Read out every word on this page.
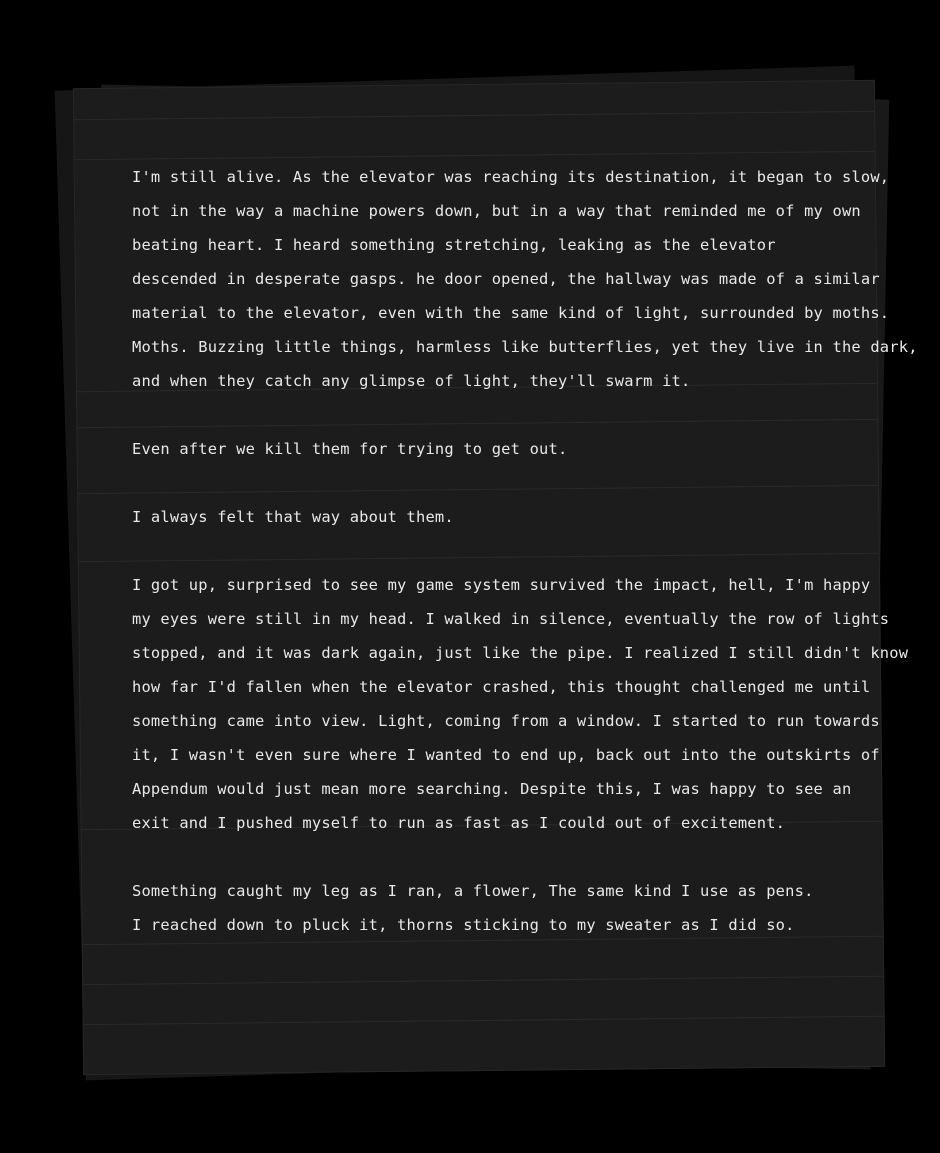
I'm still alive. As the elevator was reaching its destination, it began to slow,
not in the way a machine powers down, but in a way that reminded me of my own
beating heart. I heard something stretching, leaking as the elevator
descended in desperate gasps. he door opened, the hallway was made of a similar
material to the elevator, even with the same kind of light, surrounded by moths.
Moths. Buzzing little things, harmless like butterflies, yet they live in the dark,
and when they catch any glimpse of light, they'll swarm it.
Even after we kill them for trying to get out.
I always felt that way about them.
I got up, surprised to see my game system survived the impact, hell, I'm happy
my eyes were still in my head. I walked in silence, eventually the row of lights
stopped, and it was dark again, just like the pipe. I realized I still didn't know
how far I'd fallen when the elevator crashed, this thought challenged me until
something came into view. Light, coming from a window. I started to run towards
it, I wasn't even sure where I wanted to end up, back out into the outskirts of
Appendum would just mean more searching. Despite this, I was happy to see an
exit and I pushed myself to run as fast as I could out of excitement.
Something caught my leg as I ran, a flower, The same kind I use as pens.
I reached down to pluck it, thorns sticking to my sweater as I did so.
